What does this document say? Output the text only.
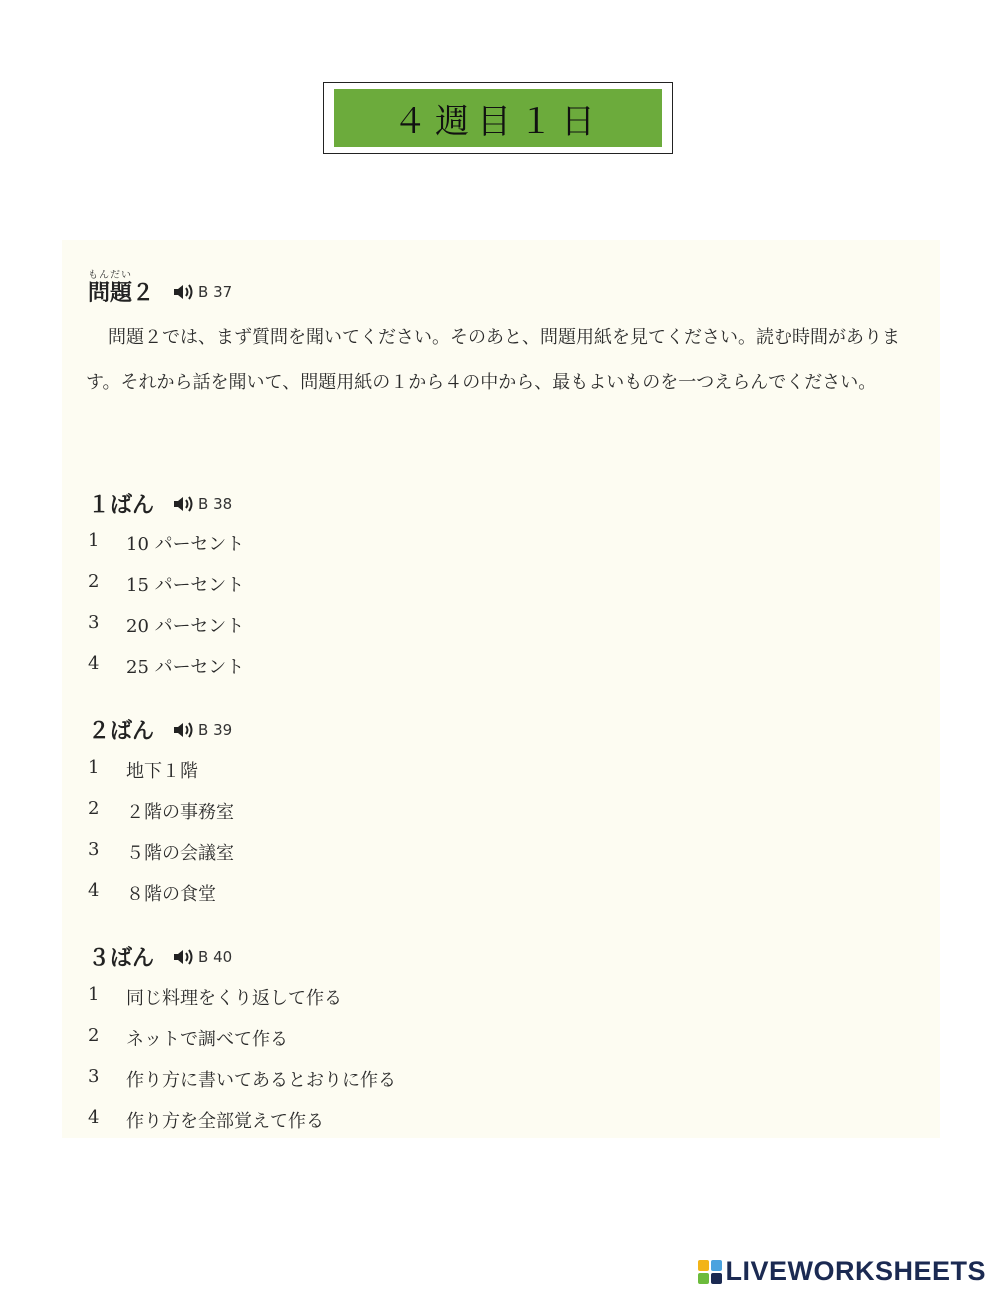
４週目１日
もんだい
問題２	B 37
問題２では、まず質問を聞いてください。そのあと、問題用紙を見てください。読む時間があります。それから話を聞いて、問題用紙の１から４の中から、最もよいものを一つえらんでください。
１ばん	B 38
1 10 パーセント
2 15 パーセント
3 20 パーセント
4 25 パーセント
２ばん	B 39
1 地下１階
2 ２階の事務室
3 ５階の会議室
4 ８階の食堂
３ばん	B 40
1 同じ料理をくり返して作る
2 ネットで調べて作る
3 作り方に書いてあるとおりに作る
4 作り方を全部覚えて作る
LIVEWORKSHEETS
